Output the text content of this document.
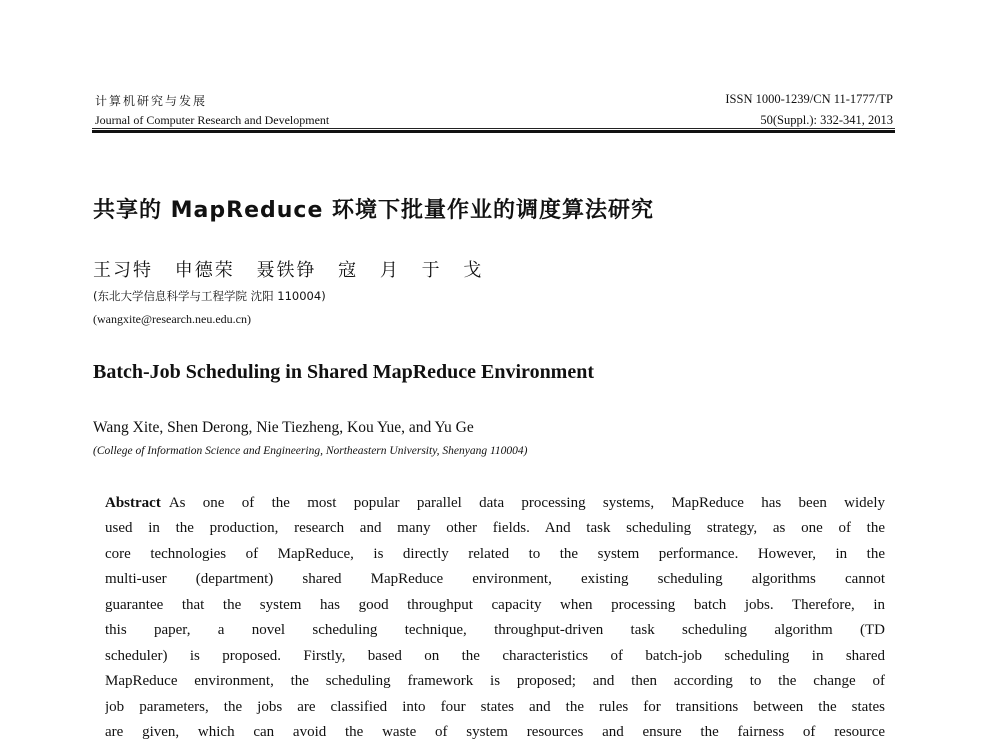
计算机研究与发展
Journal of Computer Research and Development
ISSN 1000-1239/CN 11-1777/TP
50(Suppl.): 332-341, 2013
共享的 MapReduce 环境下批量作业的调度算法研究
王习特 申德荣 聂铁铮 寇 月 于 戈
(东北大学信息科学与工程学院 沈阳 110004)
(wangxite@research.neu.edu.cn)
Batch-Job Scheduling in Shared MapReduce Environment
Wang Xite, Shen Derong, Nie Tiezheng, Kou Yue, and Yu Ge
(College of Information Science and Engineering, Northeastern University, Shenyang 110004)
Abstract As one of the most popular parallel data processing systems, MapReduce has been widely
used in the production, research and many other fields. And task scheduling strategy, as one of the
core technologies of MapReduce, is directly related to the system performance. However, in the
multi-user (department) shared MapReduce environment, existing scheduling algorithms cannot
guarantee that the system has good throughput capacity when processing batch jobs. Therefore, in
this paper, a novel scheduling technique, throughput-driven task scheduling algorithm (TD
scheduler) is proposed. Firstly, based on the characteristics of batch-job scheduling in shared
MapReduce environment, the scheduling framework is proposed; and then according to the change of
job parameters, the jobs are classified into four states and the rules for transitions between the states
are given, which can avoid the waste of system resources and ensure the fairness of resource
